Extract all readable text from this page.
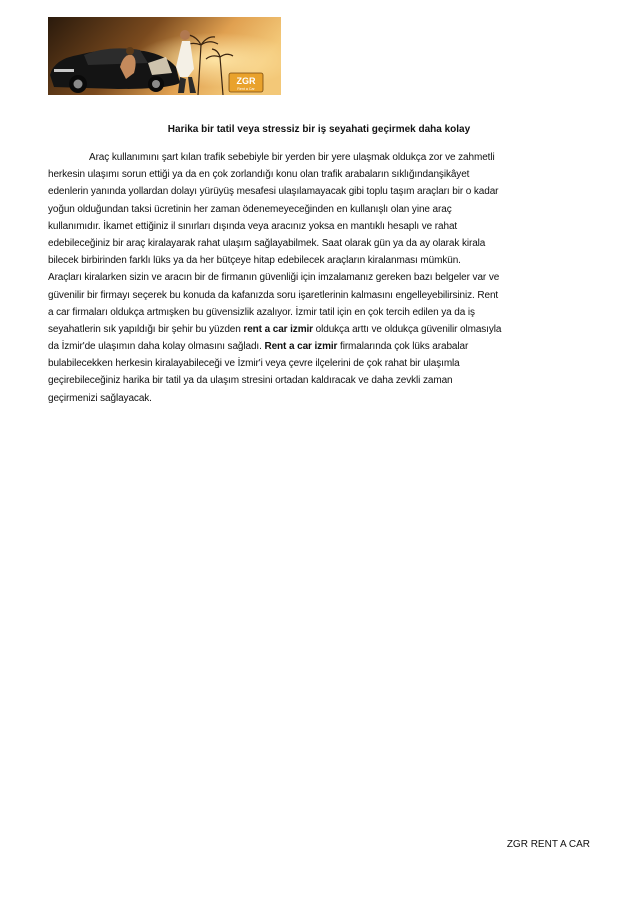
ZGR
Rent a Car
Harika bir tatil veya stressiz bir iş seyahati geçirmek daha kolay
Araç kullanımını şart kılan trafik sebebiyle bir yerden bir yere ulaşmak oldukça zor ve zahmetli
herkesin ulaşımı sorun ettiği ya da en çok zorlandığı konu olan trafik arabaların sıklığındanşikâyet
edenlerin yanında yollardan dolayı yürüyüş mesafesi ulaşılamayacak gibi toplu taşım araçları bir o kadar
yoğun olduğundan taksi ücretinin her zaman ödenemeyeceğinden en kullanışlı olan yine araç
kullanımıdır. İkamet ettiğiniz il sınırları dışında veya aracınız yoksa en mantıklı hesaplı ve rahat
edebileceğiniz bir araç kiralayarak rahat ulaşım sağlayabilmek. Saat olarak gün ya da ay olarak kirala
bilecek birbirinden farklı lüks ya da her bütçeye hitap edebilecek araçların kiralanması mümkün.
Araçları kiralarken sizin ve aracın bir de firmanın güvenliği için imzalamanız gereken bazı belgeler var ve
güvenilir bir firmayı seçerek bu konuda da kafanızda soru işaretlerinin kalmasını engelleyebilirsiniz. Rent
a car firmaları oldukça artmışken bu güvensizlik azalıyor. İzmir tatil için en çok tercih edilen ya da iş
seyahatlerin sık yapıldığı bir şehir bu yüzden rent a car izmir oldukça arttı ve oldukça güvenilir olmasıyla
da İzmir'de ulaşımın daha kolay olmasını sağladı. Rent a car izmir firmalarında çok lüks arabalar
bulabilecekken herkesin kiralayabileceği ve İzmir'i veya çevre ilçelerini de çok rahat bir ulaşımla
geçirebileceğiniz harika bir tatil ya da ulaşım stresini ortadan kaldıracak ve daha zevkli zaman
geçirmenizi sağlayacak.
ZGR RENT A CAR
